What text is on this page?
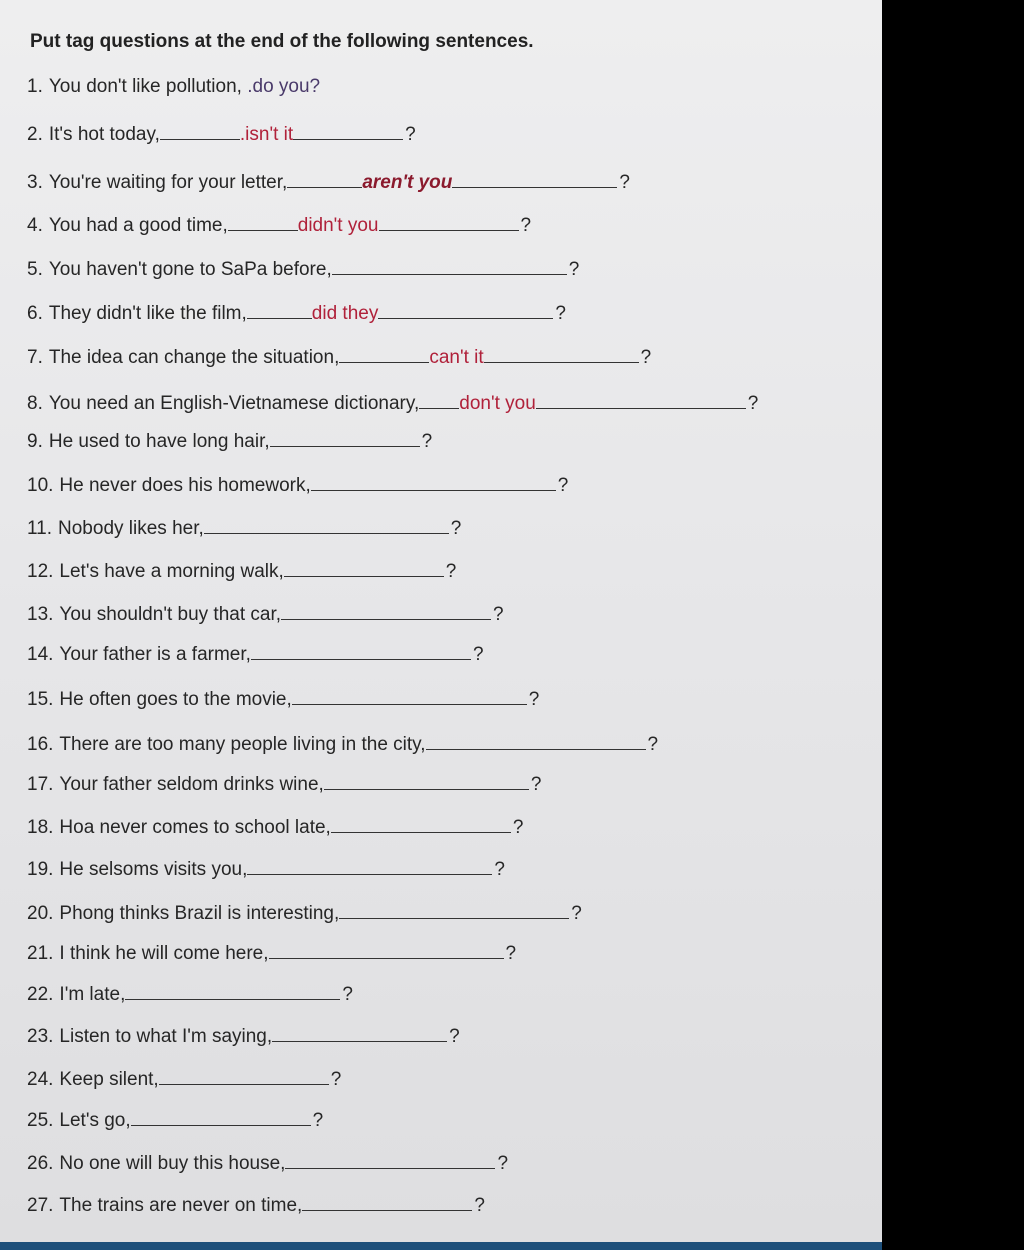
Put tag questions at the end of the following sentences.
1. You don't like pollution, .do you?
2. It's hot today,	.isn't it	?
3. You're waiting for your letter,	aren't you	?
4. You had a good time,	didn't you	?
5. You haven't gone to SaPa before,	?
6. They didn't like the film,	did they	?
7. The idea can change the situation,	can't it	?
8. You need an English-Vietnamese dictionary, don't you	?
9. He used to have long hair,	?
10. He never does his homework,	?
11. Nobody likes her,	?
12. Let's have a morning walk,	?
13. You shouldn't buy that car,	?
14. Your father is a farmer,	?
15. He often goes to the movie,	?
16. There are too many people living in the city,	?
17. Your father seldom drinks wine,	?
18. Hoa never comes to school late,	?
19. He selsoms visits you,	?
20. Phong thinks Brazil is interesting,	?
21. I think he will come here,	?
22. I'm late,	?
23. Listen to what I'm saying,	?
24. Keep silent,	?
25. Let's go,	?
26. No one will buy this house,	?
27. The trains are never on time,	?
